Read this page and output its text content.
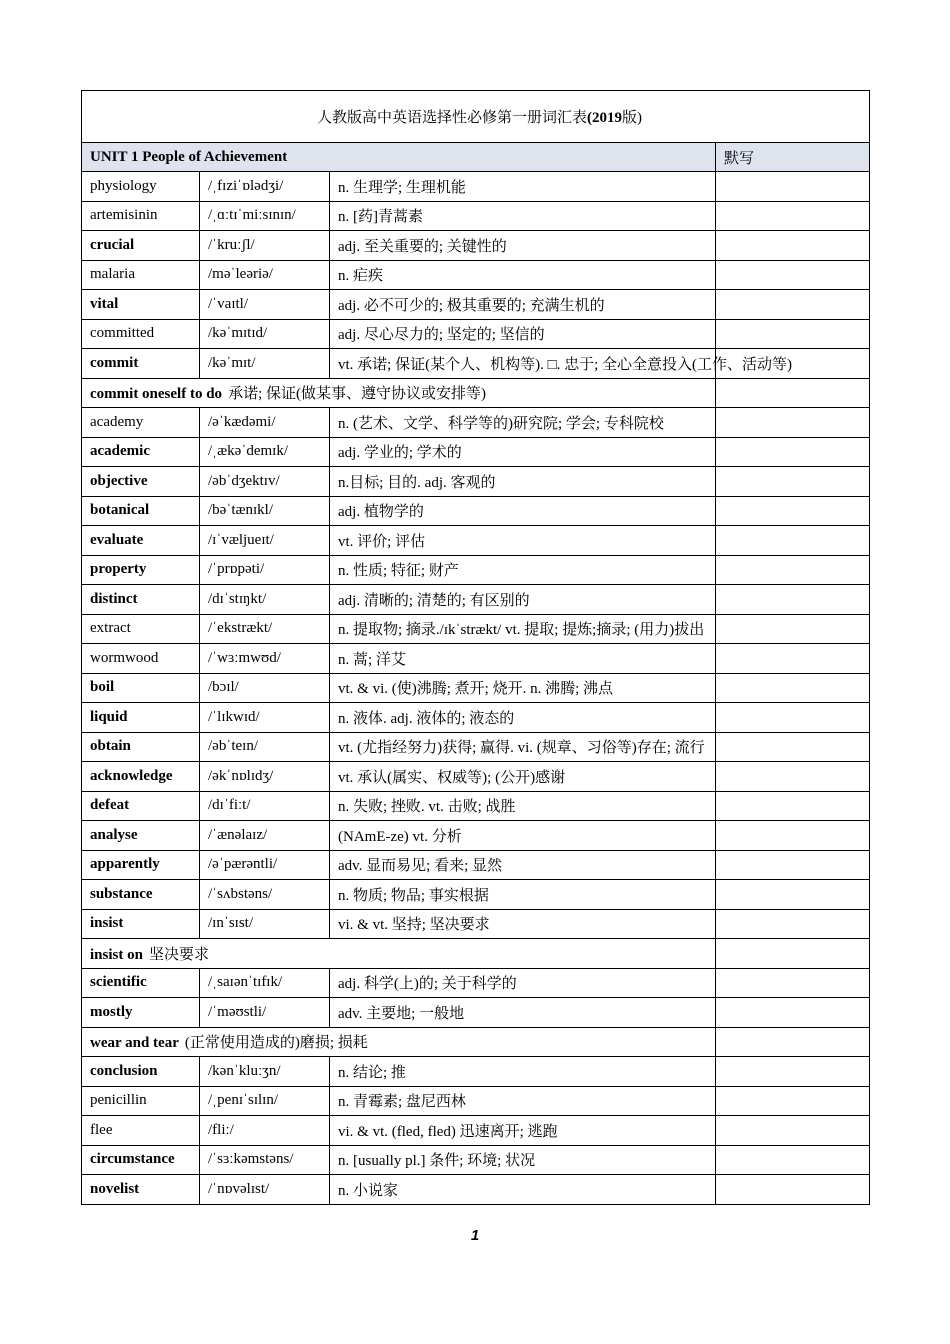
人教版高中英语选择性必修第一册词汇表(2019版)			
UNIT 1 People of Achievement			默写
physiology	/ˌfɪziˈɒlədʒi/	n. 生理学; 生理机能	
artemisinin	/ˌɑːtɪˈmiːsɪnɪn/	n. [药]青蒿素	
crucial	/ˈkruːʃl/	adj. 至关重要的; 关键性的	
malaria	/məˈleəriə/	n. 疟疾	
vital	/ˈvaɪtl/	adj. 必不可少的; 极其重要的; 充满生机的	
committed	/kəˈmɪtɪd/	adj. 尽心尽力的; 坚定的; 坚信的	
commit	/kəˈmɪt/	vt. 承诺; 保证(某个人、机构等). □. 忠于; 全心全意投入(工作、活动等)	
commit oneself to do 承诺; 保证(做某事、遵守协议或安排等)			
academy	/əˈkædəmi/	n. (艺术、文学、科学等的)研究院; 学会; 专科院校	
academic	/ˌækəˈdemɪk/	adj. 学业的; 学术的	
objective	/əbˈdʒektɪv/	n.目标; 目的. adj. 客观的	
botanical	/bəˈtænɪkl/	adj. 植物学的	
evaluate	/ɪˈvæljueɪt/	vt. 评价; 评估	
property	/ˈprɒpəti/	n. 性质; 特征; 财产	
distinct	/dɪˈstɪŋkt/	adj. 清晰的; 清楚的; 有区别的	
extract	/ˈekstrækt/	n. 提取物; 摘录./ɪkˈstrækt/ vt. 提取; 提炼;摘录; (用力)拔出	
wormwood	/ˈwɜːmwʊd/	n. 蒿; 洋艾	
boil	/bɔɪl/	vt. & vi. (使)沸腾; 煮开; 烧开. n. 沸腾; 沸点	
liquid	/ˈlɪkwɪd/	n. 液体. adj. 液体的; 液态的	
obtain	/əbˈteɪn/	vt. (尤指经努力)获得; 赢得. vi. (规章、习俗等)存在; 流行	
acknowledge	/əkˈnɒlɪdʒ/	vt. 承认(属实、权威等); (公开)感谢	
defeat	/dɪˈfiːt/	n. 失败; 挫败. vt. 击败; 战胜	
analyse	/ˈænəlaɪz/	(NAmE-ze) vt. 分析	
apparently	/əˈpærəntli/	adv. 显而易见; 看来; 显然	
substance	/ˈsʌbstəns/	n. 物质; 物品; 事实根据	
insist	/ɪnˈsɪst/	vi. & vt. 坚持; 坚决要求	
insist on 坚决要求			
scientific	/ˌsaɪənˈtɪfɪk/	adj. 科学(上)的; 关于科学的	
mostly	/ˈməʊstli/	adv. 主要地; 一般地	
wear and tear (正常使用造成的)磨损; 损耗			
conclusion	/kənˈkluːʒn/	n. 结论; 推	
penicillin	/ˌpenɪˈsɪlɪn/	n. 青霉素; 盘尼西林	
flee	/fliː/	vi. & vt. (fled, fled) 迅速离开; 逃跑	
circumstance	/ˈsɜːkəmstəns/	n. [usually pl.] 条件; 环境; 状况	
novelist	/ˈnɒvəlɪst/	n. 小说家	
1
